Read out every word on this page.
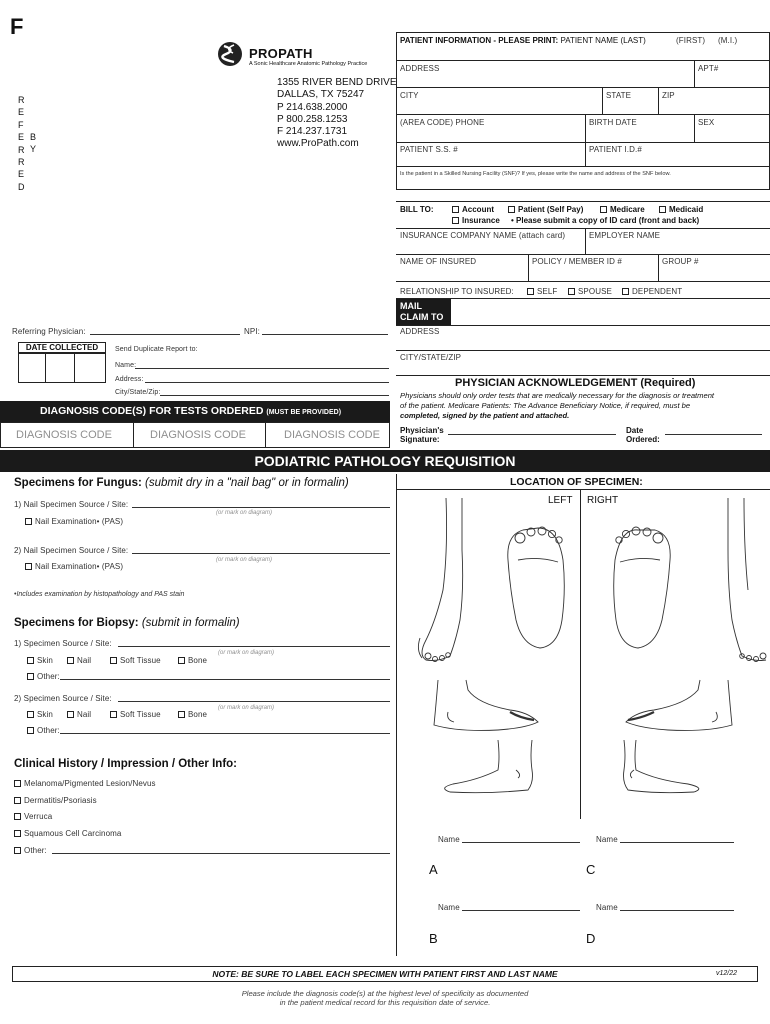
F
R
E
F
E
R
R
E
D
B
Y
PROPATH
A Sonic Healthcare Anatomic Pathology Practice
1355 RIVER BEND DRIVE
DALLAS, TX 75247
P 214.638.2000
P 800.258.1253
F 214.237.1731
www.ProPath.com
PATIENT INFORMATION - PLEASE PRINT: PATIENT NAME (LAST)	(FIRST) (M.I.)
ADDRESS	APT#
CITY	STATE	ZIP
(AREA CODE) PHONE	BIRTH DATE	SEX
PATIENT S.S. #	PATIENT I.D.#
Is the patient in a Skilled Nursing Facility (SNF)? If yes, please write the name and address of the SNF below.
BILL TO:	Account	Patient (Self Pay)	Medicare	Medicaid
Insurance • Please submit a copy of ID card (front and back)
INSURANCE COMPANY NAME (attach card)	EMPLOYER NAME
NAME OF INSURED	POLICY / MEMBER ID #	GROUP #
RELATIONSHIP TO INSURED:	SELF	SPOUSE	DEPENDENT
MAIL
CLAIM TO
ADDRESS
CITY/STATE/ZIP
PHYSICIAN ACKNOWLEDGEMENT (Required)
Physicians should only order tests that are medically necessary for the diagnosis or treatment
of the patient. Medicare Patients: The Advance Beneficiary Notice, if required, must be
completed, signed by the patient and attached.
Physician's
Signature:
Date
Ordered:
Referring Physician:	NPI:
DATE COLLECTED	Send Duplicate Report to:
Name:
Address:
City/State/Zip:
DIAGNOSIS CODE(S) FOR TESTS ORDERED (MUST BE PROVIDED)
DIAGNOSIS CODE	DIAGNOSIS CODE	DIAGNOSIS CODE
PODIATRIC PATHOLOGY REQUISITION
Specimens for Fungus: (submit dry in a "nail bag" or in formalin)
1) Nail Specimen Source / Site:
(or mark on diagram)
Nail Examination• (PAS)
2) Nail Specimen Source / Site:
(or mark on diagram)
Nail Examination• (PAS)
•Includes examination by histopathology and PAS stain
Specimens for Biopsy: (submit in formalin)
1) Specimen Source / Site:
(or mark on diagram)
Skin	Nail	Soft Tissue	Bone
Other:
2) Specimen Source / Site:
(or mark on diagram)
Skin	Nail	Soft Tissue	Bone
Other:
Clinical History / Impression / Other Info:
Melanoma/Pigmented Lesion/Nevus
Dermatitis/Psoriasis
Verruca
Squamous Cell Carcinoma
Other:
LOCATION OF SPECIMEN:
LEFT RIGHT
Name	Name
A	C
Name	Name
B	D
NOTE: BE SURE TO LABEL EACH SPECIMEN WITH PATIENT FIRST AND LAST NAME	v12/22
Please include the diagnosis code(s) at the highest level of specificity as documented
in the patient medical record for this requisition date of service.
